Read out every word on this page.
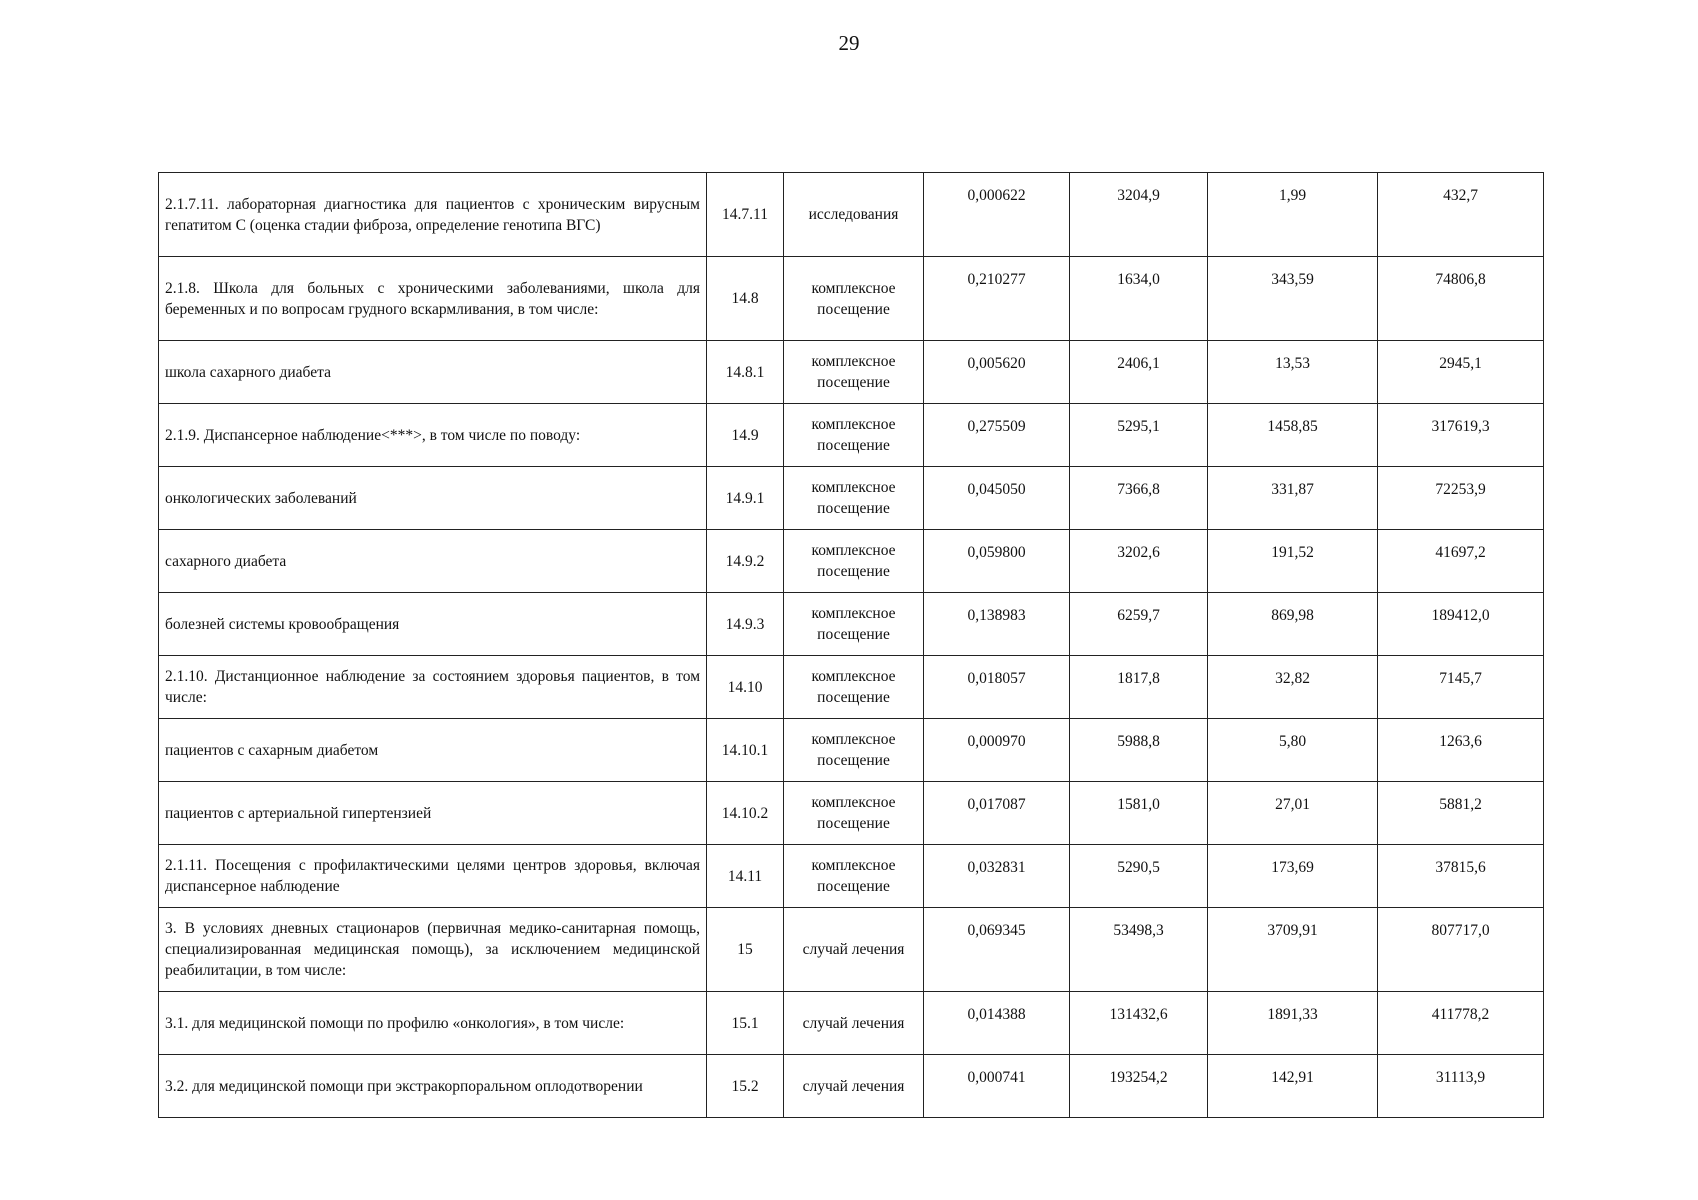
29
2.1.7.11. лабораторная диагностика для пациентов с хроническим вирусным гепатитом С (оценка стадии фиброза, определение генотипа ВГС)	14.7.11	исследования	0,000622	3204,9	1,99	432,7
2.1.8. Школа для больных с хроническими заболеваниями, школа для беременных и по вопросам грудного вскармливания, в том числе:	14.8	комплексное посещение	0,210277	1634,0	343,59	74806,8
школа сахарного диабета	14.8.1	комплексное посещение	0,005620	2406,1	13,53	2945,1
2.1.9. Диспансерное наблюдение<***>, в том числе по поводу:	14.9	комплексное посещение	0,275509	5295,1	1458,85	317619,3
онкологических заболеваний	14.9.1	комплексное посещение	0,045050	7366,8	331,87	72253,9
сахарного диабета	14.9.2	комплексное посещение	0,059800	3202,6	191,52	41697,2
болезней системы кровообращения	14.9.3	комплексное посещение	0,138983	6259,7	869,98	189412,0
2.1.10. Дистанционное наблюдение за состоянием здоровья пациентов, в том числе:	14.10	комплексное посещение	0,018057	1817,8	32,82	7145,7
пациентов с сахарным диабетом	14.10.1	комплексное посещение	0,000970	5988,8	5,80	1263,6
пациентов с артериальной гипертензией	14.10.2	комплексное посещение	0,017087	1581,0	27,01	5881,2
2.1.11. Посещения с профилактическими целями центров здоровья, включая диспансерное наблюдение	14.11	комплексное посещение	0,032831	5290,5	173,69	37815,6
3. В условиях дневных стационаров (первичная медико-санитарная помощь, специализированная медицинская помощь), за исключением медицинской реабилитации, в том числе:	15	случай лечения	0,069345	53498,3	3709,91	807717,0
3.1. для медицинской помощи по профилю «онкология», в том числе:	15.1	случай лечения	0,014388	131432,6	1891,33	411778,2
3.2. для медицинской помощи при экстракорпоральном оплодотворении	15.2	случай лечения	0,000741	193254,2	142,91	31113,9
